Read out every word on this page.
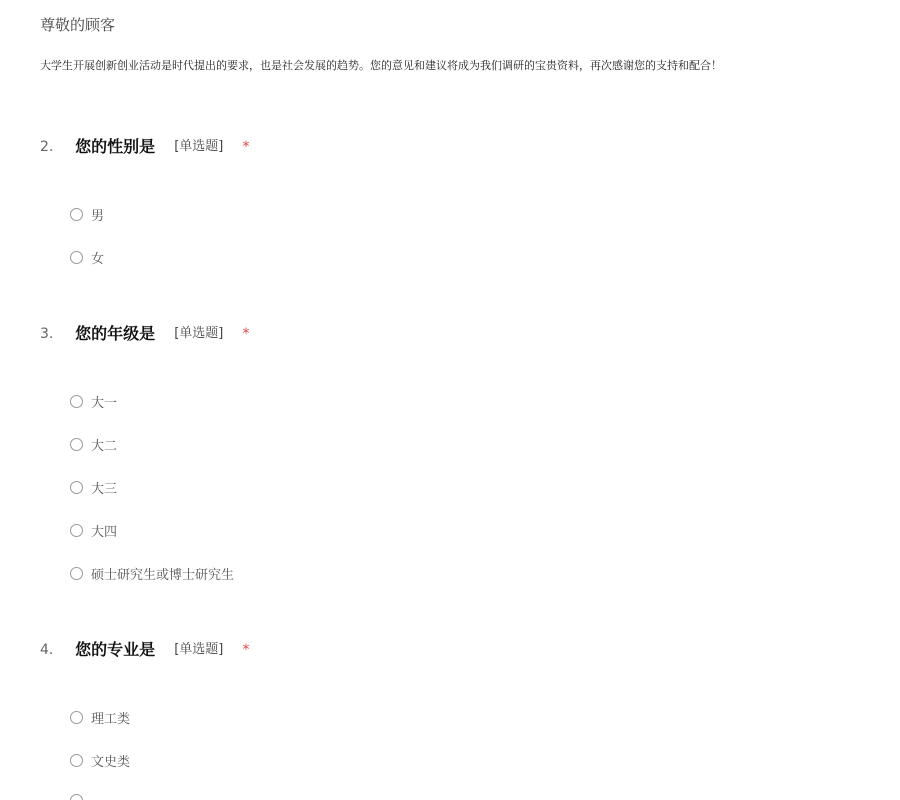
尊敬的顾客
大学生开展创新创业活动是时代提出的要求，也是社会发展的趋势。您的意见和建议将成为我们调研的宝贵资料，再次感谢您的支持和配合！
2. 您的性别是 [单选题] *
男
女
3. 您的年级是 [单选题] *
大一
大二
大三
大四
硕士研究生或博士研究生
4. 您的专业是 [单选题] *
理工类
文史类
